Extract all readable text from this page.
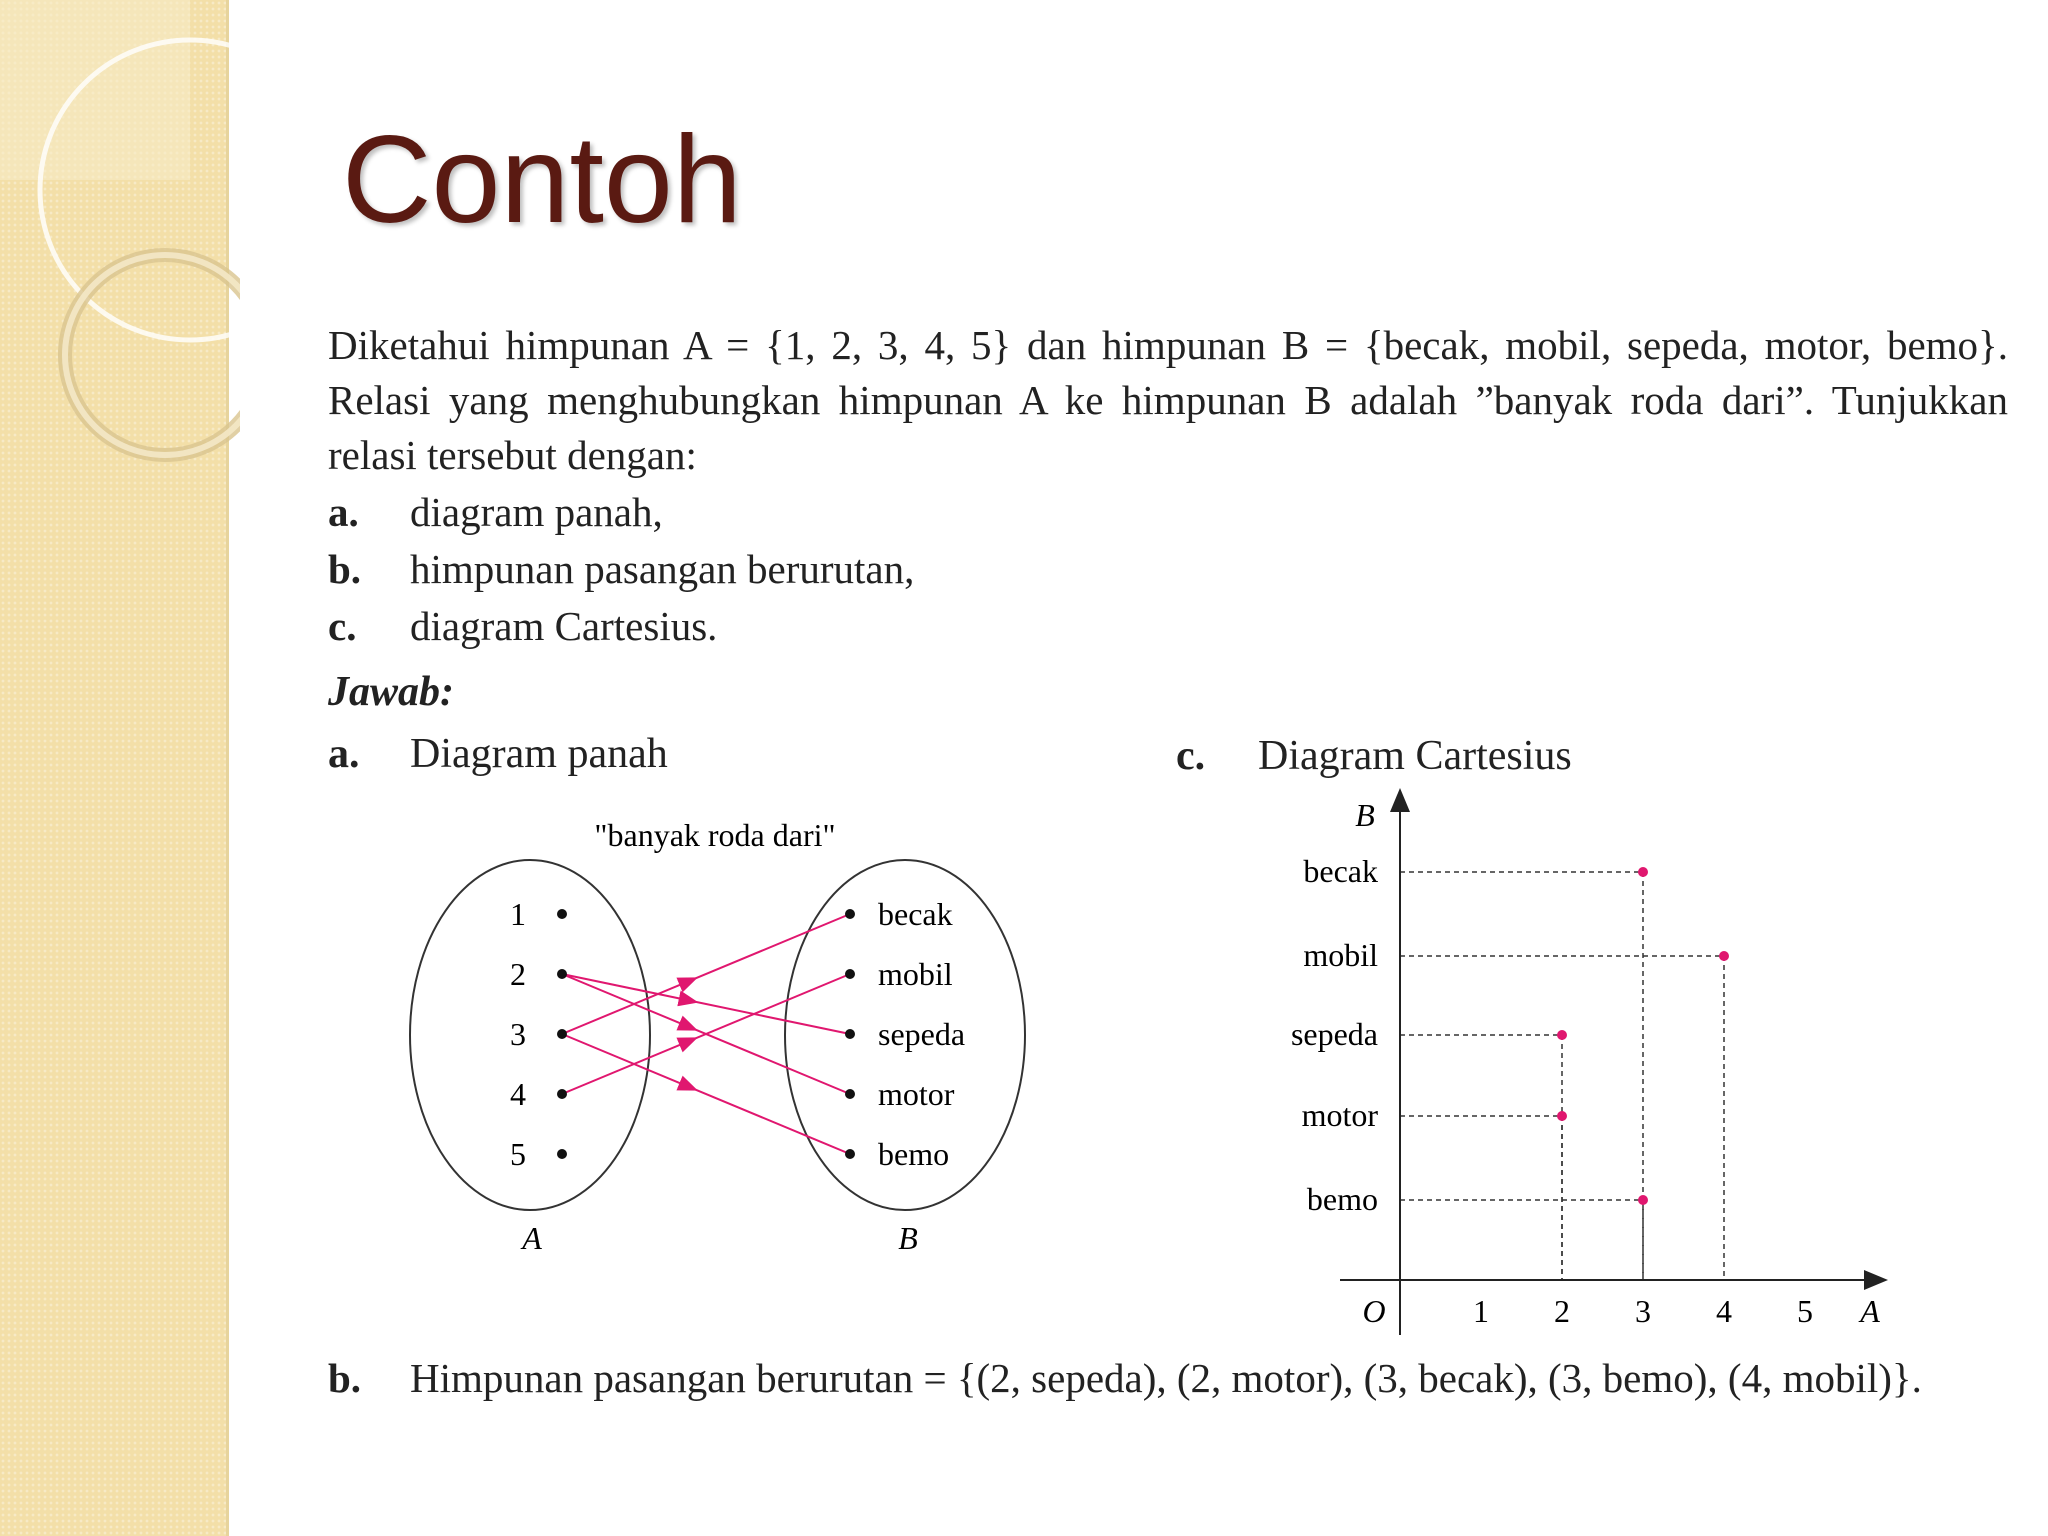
Contoh
Diketahui himpunan A = {1, 2, 3, 4, 5} dan himpunan B = {becak, mobil, sepeda, motor, bemo}. Relasi yang menghubungkan himpunan A ke himpunan B adalah ”banyak roda dari”. Tunjukkan relasi tersebut dengan:
a.	diagram panah,
b.	himpunan pasangan berurutan,
c.	diagram Cartesius.
Jawab:
a.	Diagram panah	c.	Diagram Cartesius
"banyak roda dari"
A	B
1
2
3
4
5
becak
mobil
sepeda
motor
bemo
B
A
O	1 2 3 4 5
bemo
motor
sepeda
mobil
becak
b.	Himpunan pasangan berurutan = {(2, sepeda), (2, motor), (3, becak), (3, bemo), (4, mobil)}.
